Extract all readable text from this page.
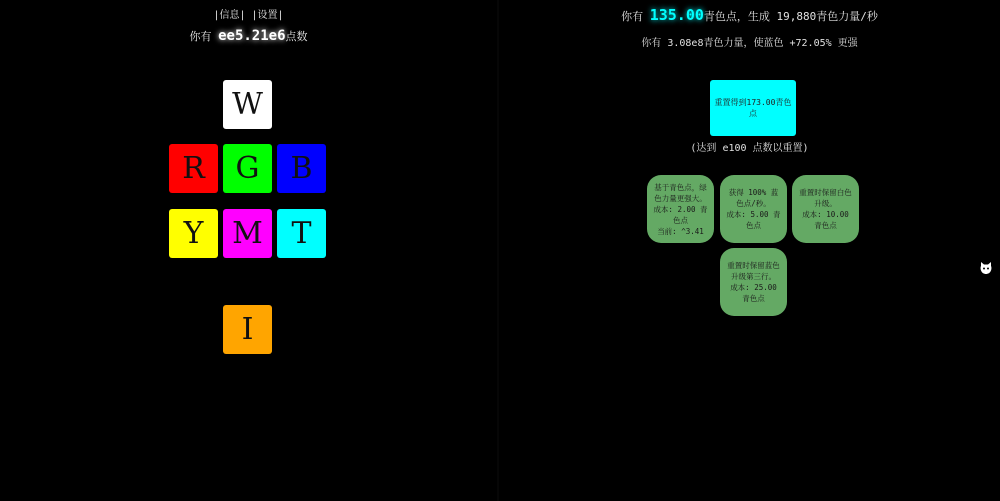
|信息| |设置|
你有 ee5.21e6点数
W
R G B
Y M T
I
你有 135.00青色点，生成 19,880青色力量/秒
你有 3.08e8青色力量，使蓝色 +72.05% 更强
重置得到173.00青色点
(达到 e100 点数以重置)
基于青色点，绿色力量更强大。
成本: 2.00 青色点
当前: ^3.41
获得 100% 蓝色点/秒。
成本: 5.00 青色点
重置时保留白色升级。
成本: 10.00 青色点
重置时保留蓝色升级第三行。
成本: 25.00 青色点
